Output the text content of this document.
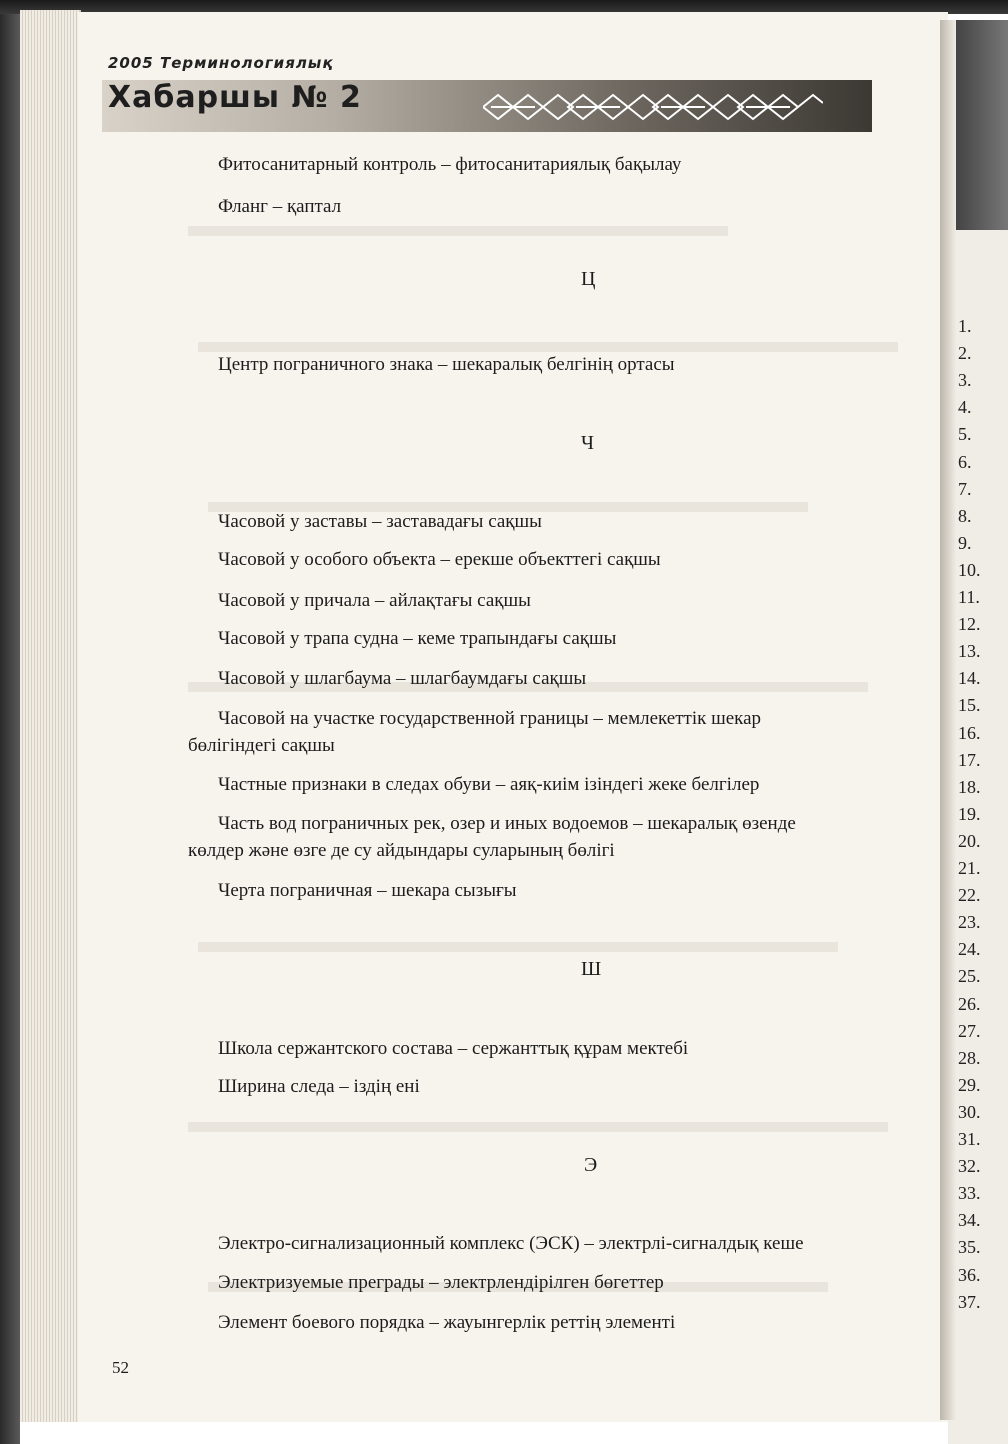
2005 Терминологиялық
Хабаршы № 2
Фитосанитарный контроль – фитосанитариялық бақылау
Фланг – қаптал
Ц
Центр пограничного знака – шекаралық белгінің ортасы
Ч
Часовой у заставы – заставадағы сақшы
Часовой у особого объекта – ерекше объекттегі сақшы
Часовой у причала – айлақтағы сақшы
Часовой у трапа судна – кеме трапындағы сақшы
Часовой у шлагбаума – шлагбаумдағы сақшы
Часовой на участке государственной границы – мемлекеттік шекар
бөлігіндегі сақшы
Частные признаки в следах обуви – аяқ-киім ізіндегі жеке белгілер
Часть вод пограничных рек, озер и иных водоемов – шекаралық өзенде
көлдер және өзге де су айдындары суларының бөлігі
Черта пограничная – шекара сызығы
Ш
Школа сержантского состава – сержанттық құрам мектебі
Ширина следа – іздің ені
Э
Электро-сигнализационный комплекс (ЭСК) – электрлі-сигналдық кеше
Электризуемые преграды – электрлендірілген бөгеттер
Элемент боевого порядка – жауынгерлік реттің элементі
52
1.
2.
3.
4.
5.
6.
7.
8.
9.
10.
11.
12.
13.
14.
15.
16.
17.
18.
19.
20.
21.
22.
23.
24.
25.
26.
27.
28.
29.
30.
31.
32.
33.
34.
35.
36.
37.
